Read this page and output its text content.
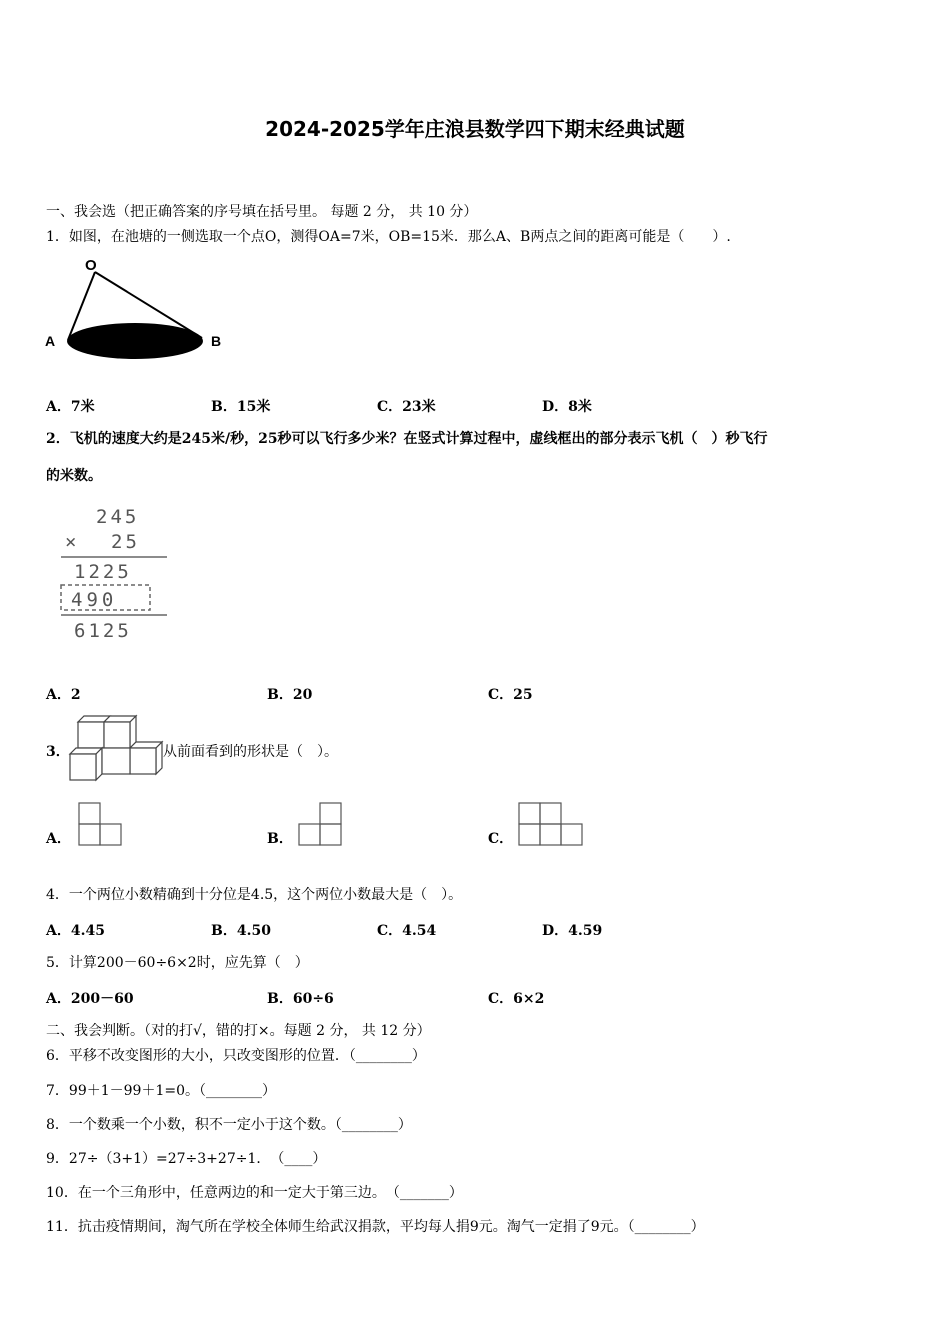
2024-2025学年庄浪县数学四下期末经典试题
一、我会选（把正确答案的序号填在括号里。 每题 2 分， 共 10 分）
1．如图，在池塘的一侧选取一个点O，测得OA=7米，OB=15米．那么A、B两点之间的距离可能是（　　）.
O
A	B
A．7米	B．15米	C．23米	D．8米
2．飞机的速度大约是245米/秒，25秒可以飞行多少米？在竖式计算过程中，虚线框出的部分表示飞机（　）秒飞行
的米数。
245
× 25
1225
490
6125
A．2	B．20	C．25
3．	从前面看到的形状是（　）。
A．	B．	C．
4．一个两位小数精确到十分位是4.5，这个两位小数最大是（　）。
A．4.45	B．4.50	C．4.54	D．4.59
5．计算200－60÷6×2时，应先算（　）
A．200－60	B．60÷6	C．6×2
二、我会判断。（对的打√，错的打×。每题 2 分， 共 12 分）
6．平移不改变图形的大小，只改变图形的位置．（________）
7．99＋1－99＋1=0。（________）
8．一个数乘一个小数，积不一定小于这个数。（________）
9．27÷（3+1）=27÷3+27÷1．　（____）
10．在一个三角形中，任意两边的和一定大于第三边。　（_______）
11．抗击疫情期间，淘气所在学校全体师生给武汉捐款，平均每人捐9元。淘气一定捐了9元。（________）
